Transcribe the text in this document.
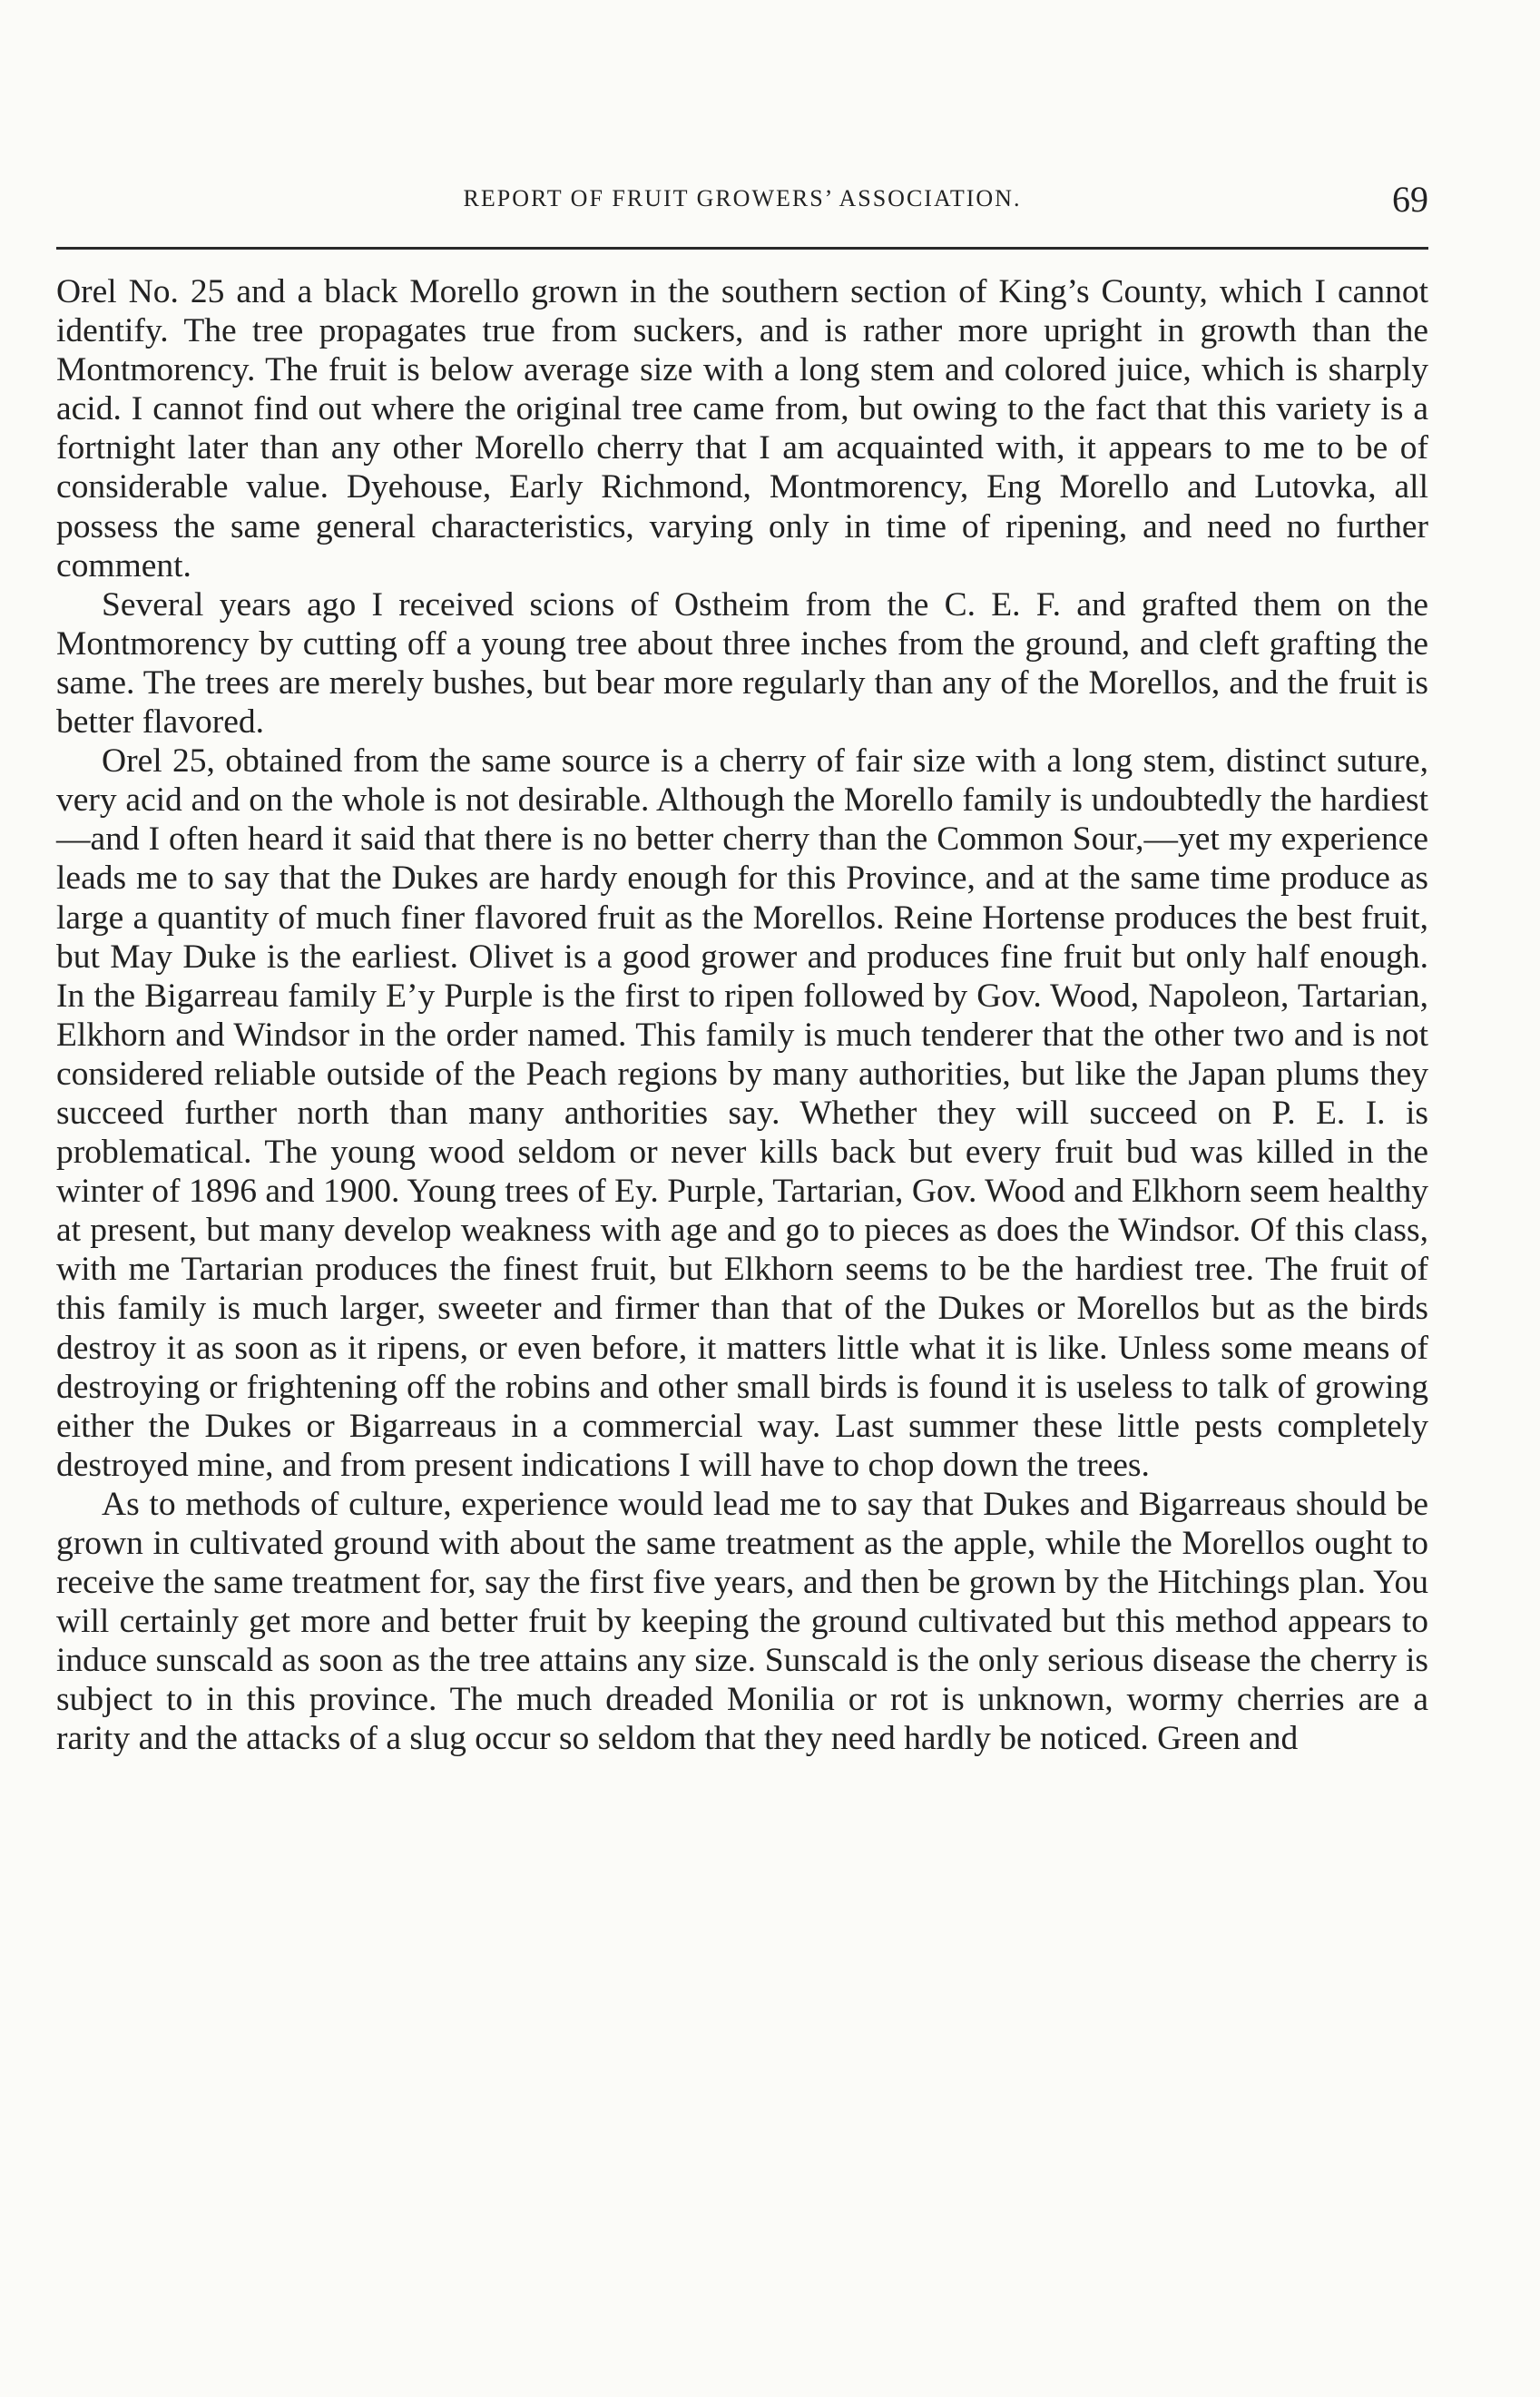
REPORT OF FRUIT GROWERS’ ASSOCIATION.	69

Orel No. 25 and a black Morello grown in the southern section of King’s County, which I cannot identify. The tree propagates true from suckers, and is rather more upright in growth than the Montmorency. The fruit is below average size with a long stem and colored juice, which is sharply acid. I cannot find out where the original tree came from, but owing to the fact that this variety is a fortnight later than any other Morello cherry that I am acquainted with, it appears to me to be of considerable value. Dyehouse, Early Richmond, Montmorency, Eng Morello and Lutovka, all possess the same general characteristics, varying only in time of ripening, and need no further comment.

Several years ago I received scions of Ostheim from the C. E. F. and grafted them on the Montmorency by cutting off a young tree about three inches from the ground, and cleft grafting the same. The trees are merely bushes, but bear more regularly than any of the Morellos, and the fruit is better flavored.

Orel 25, obtained from the same source is a cherry of fair size with a long stem, distinct suture, very acid and on the whole is not desirable. Although the Morello family is undoubtedly the hardiest—and I often heard it said that there is no better cherry than the Common Sour,—yet my experience leads me to say that the Dukes are hardy enough for this Province, and at the same time produce as large a quantity of much finer flavored fruit as the Morellos. Reine Hortense produces the best fruit, but May Duke is the earliest. Olivet is a good grower and produces fine fruit but only half enough. In the Bigarreau family E’y Purple is the first to ripen followed by Gov. Wood, Napoleon, Tartarian, Elkhorn and Windsor in the order named. This family is much tenderer that the other two and is not considered reliable outside of the Peach regions by many authorities, but like the Japan plums they succeed further north than many anthorities say. Whether they will succeed on P. E. I. is problematical. The young wood seldom or never kills back but every fruit bud was killed in the winter of 1896 and 1900. Young trees of Ey. Purple, Tartarian, Gov. Wood and Elkhorn seem healthy at present, but many develop weakness with age and go to pieces as does the Windsor. Of this class, with me Tartarian produces the finest fruit, but Elkhorn seems to be the hardiest tree. The fruit of this family is much larger, sweeter and firmer than that of the Dukes or Morellos but as the birds destroy it as soon as it ripens, or even before, it matters little what it is like. Unless some means of destroying or frightening off the robins and other small birds is found it is useless to talk of growing either the Dukes or Bigarreaus in a commercial way. Last summer these little pests completely destroyed mine, and from present indications I will have to chop down the trees.

As to methods of culture, experience would lead me to say that Dukes and Bigarreaus should be grown in cultivated ground with about the same treatment as the apple, while the Morellos ought to receive the same treatment for, say the first five years, and then be grown by the Hitchings plan. You will certainly get more and better fruit by keeping the ground cultivated but this method appears to induce sunscald as soon as the tree attains any size. Sunscald is the only serious disease the cherry is subject to in this province. The much dreaded Monilia or rot is unknown, wormy cherries are a rarity and the attacks of a slug occur so seldom that they need hardly be noticed. Green and
